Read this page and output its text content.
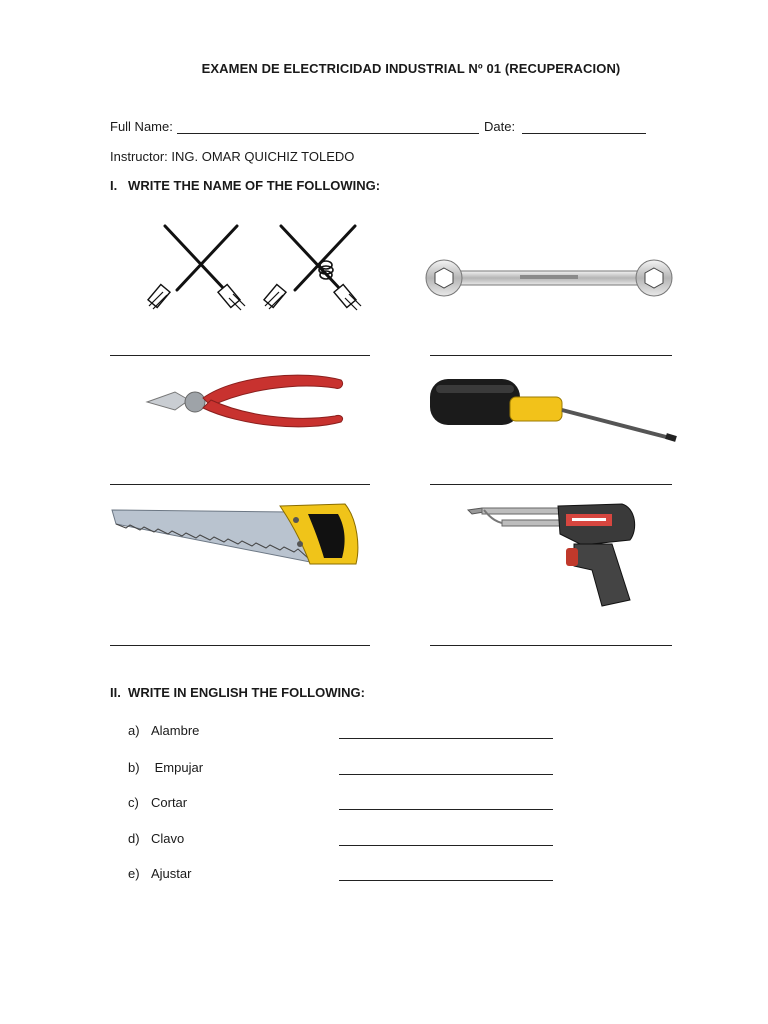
EXAMEN DE ELECTRICIDAD INDUSTRIAL Nº 01 (RECUPERACION)
Full Name:	Date:
Instructor: ING. OMAR QUICHIZ TOLEDO
I.   WRITE THE NAME OF THE FOLLOWING:
II.  WRITE IN ENGLISH THE FOLLOWING:
a) Alambre
b) Empujar
c) Cortar
d) Clavo
e) Ajustar
